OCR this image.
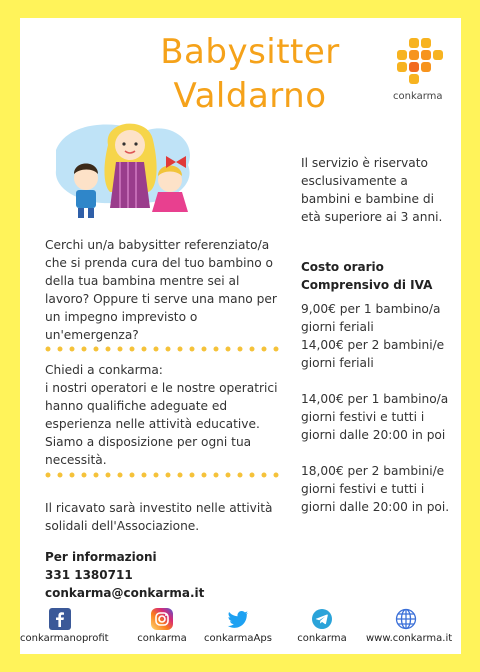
Babysitter
Valdarno	conkarma
Cerchi un/a babysitter referenziato/a che si prenda cura del tuo bambino o della tua bambina mentre sei al lavoro? Oppure ti serve una mano per un impegno imprevisto o un'emergenza?
Chiedi a conkarma:
i nostri operatori e le nostre operatrici hanno qualifiche adeguate ed esperienza nelle attività educative. Siamo a disposizione per ogni tua necessità.
Il ricavato sarà investito nelle attività solidali dell'Associazione.
Per informazioni
331 1380711 conkarma@conkarma.it
Il servizio è riservato esclusivamente a bambini e bambine di età superiore ai 3 anni.
Costo orario Comprensivo di IVA

9,00€ per 1 bambino/a giorni feriali

14,00€ per 2 bambini/e giorni feriali

14,00€ per 1 bambino/a giorni festivi e tutti i giorni dalle 20:00 in poi

18,00€ per 2 bambini/e giorni festivi e tutti i giorni dalle 20:00 in poi.

conkarmanoprofit	conkarma	conkarmaAps	conkarma	www.conkarma.it
